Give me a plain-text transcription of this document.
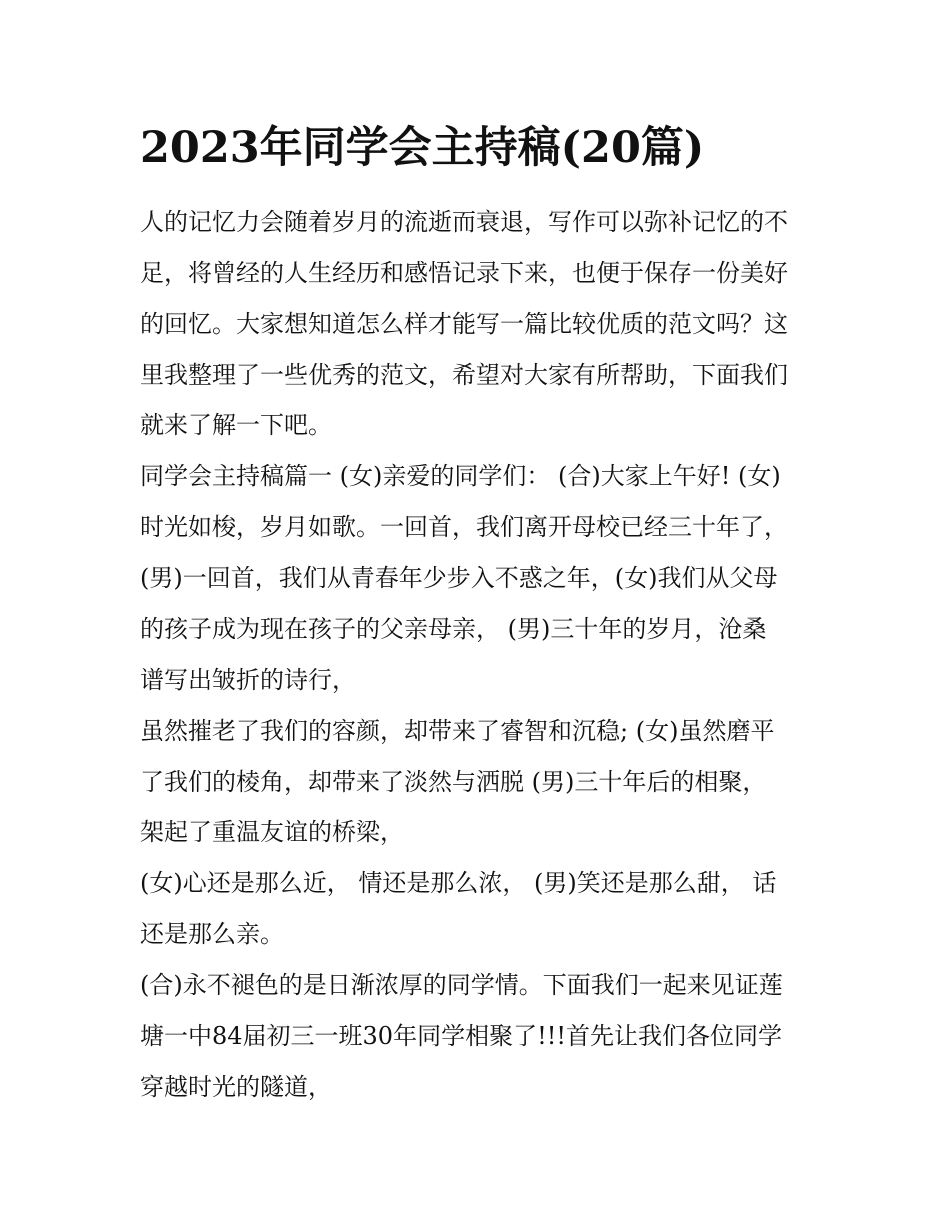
2023年同学会主持稿(20篇)

人的记忆力会随着岁月的流逝而衰退，写作可以弥补记忆的不

足，将曾经的人生经历和感悟记录下来，也便于保存一份美好

的回忆。大家想知道怎么样才能写一篇比较优质的范文吗？这

里我整理了一些优秀的范文，希望对大家有所帮助，下面我们

就来了解一下吧。

同学会主持稿篇一 (女)亲爱的同学们： (合)大家上午好! (女)

时光如梭，岁月如歌。一回首，我们离开母校已经三十年了，

(男)一回首，我们从青春年少步入不惑之年，(女)我们从父母

的孩子成为现在孩子的父亲母亲， (男)三十年的岁月，沧桑

谱写出皱折的诗行，

虽然摧老了我们的容颜，却带来了睿智和沉稳; (女)虽然磨平

了我们的棱角，却带来了淡然与洒脱 (男)三十年后的相聚，

架起了重温友谊的桥梁，

(女)心还是那么近， 情还是那么浓， (男)笑还是那么甜， 话

还是那么亲。

(合)永不褪色的是日渐浓厚的同学情。下面我们一起来见证莲

塘一中84届初三一班30年同学相聚了!!!首先让我们各位同学

穿越时光的隧道，
